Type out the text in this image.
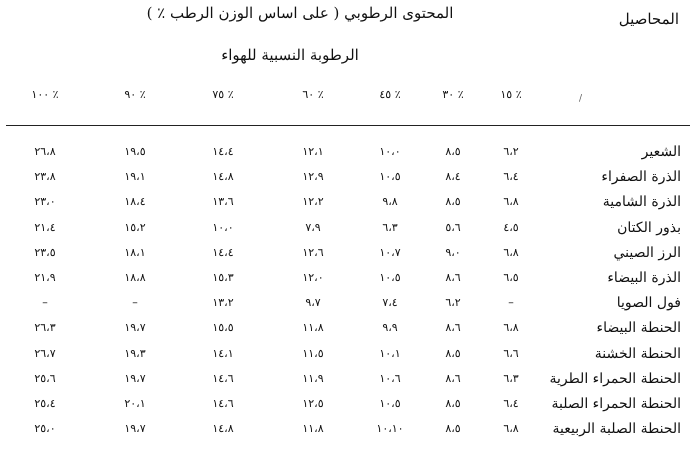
المحتوى الرطوبي ( على اساس الوزن الرطب ٪ )	المحاصيل
الرطوبة النسبية للهواء
٪ ١٠٠	٪ ٩٠	٪ ٧٥	٪ ٦٠	٪ ٤٥	٪ ٣٠	٪ ١٥	/
٢٦،٨	١٩،٥	١٤،٤	١٢،١	١٠،٠	٨،٥	٦،٢	الشعير
٢٣،٨	١٩،١	١٤،٨	١٢،٩	١٠،٥	٨،٤	٦،٤	الذرة الصفراء
٢٣،٠	١٨،٤	١٣،٦	١٢،٢	٩،٨	٨،٥	٦،٨	الذرة الشامية
٢١،٤	١٥،٢	١٠،٠	٧،٩	٦،٣	٥،٦	٤،٥	بذور الكتان
٢٣،٥	١٨،١	١٤،٤	١٢،٦	١٠،٧	٩،٠	٦،٨	الرز الصيني
٢١،٩	١٨،٨	١٥،٣	١٢،٠	١٠،٥	٨،٦	٦،٥	الذرة البيضاء
–	–	١٣،٢	٩،٧	٧،٤	٦،٢	–	فول الصويا
٢٦،٣	١٩،٧	١٥،٥	١١،٨	٩،٩	٨،٦	٦،٨	الحنطة البيضاء
٢٦،٧	١٩،٣	١٤،١	١١،٥	١٠،١	٨،٥	٦،٦	الحنطة الخشنة
٢٥،٦	١٩،٧	١٤،٦	١١،٩	١٠،٦	٨،٦	٦،٣	الحنطة الحمراء الطرية
٢٥،٤	٢٠،١	١٤،٦	١٢،٥	١٠،٥	٨،٥	٦،٤	الحنطة الحمراء الصلبة
٢٥،٠	١٩،٧	١٤،٨	١١،٨	١٠،١٠	٨،٥	٦،٨	الحنطة الصلبة الربيعية
